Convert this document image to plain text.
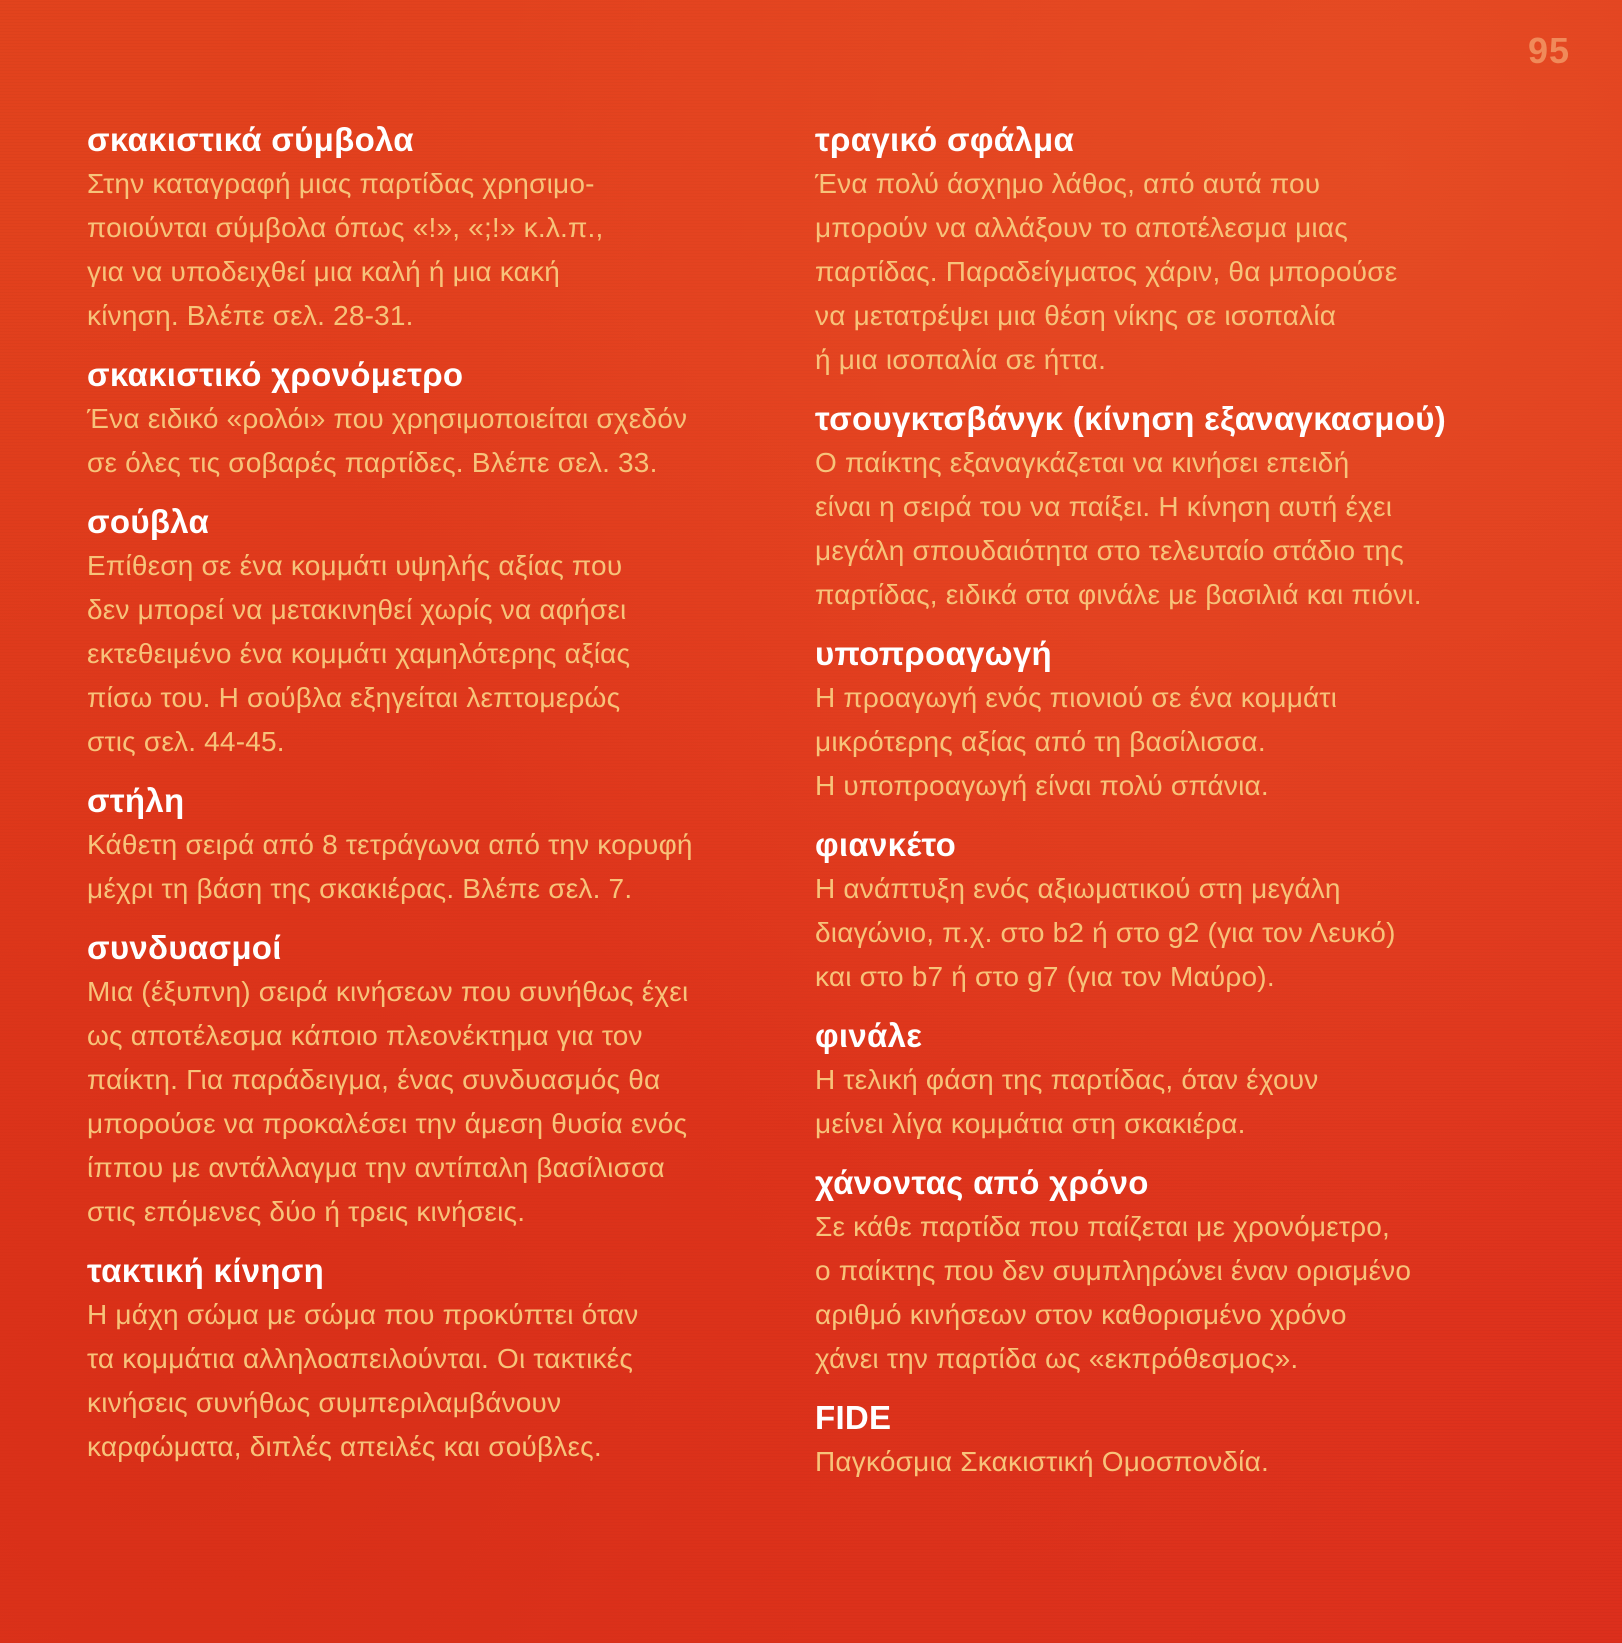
95
σκακιστικά σύμβολα
Στην καταγραφή μιας παρτίδας χρησιμο-
ποιούνται σύμβολα όπως «!», «;!» κ.λ.π.,
για να υποδειχθεί μια καλή ή μια κακή
κίνηση. Βλέπε σελ. 28-31.
σκακιστικό χρονόμετρο
Ένα ειδικό «ρολόι» που χρησιμοποιείται σχεδόν
σε όλες τις σοβαρές παρτίδες. Βλέπε σελ. 33.
σούβλα
Επίθεση σε ένα κομμάτι υψηλής αξίας που
δεν μπορεί να μετακινηθεί χωρίς να αφήσει
εκτεθειμένο ένα κομμάτι χαμηλότερης αξίας
πίσω του. Η σούβλα εξηγείται λεπτομερώς
στις σελ. 44-45.
στήλη
Κάθετη σειρά από 8 τετράγωνα από την κορυφή
μέχρι τη βάση της σκακιέρας. Βλέπε σελ. 7.
συνδυασμοί
Μια (έξυπνη) σειρά κινήσεων που συνήθως έχει
ως αποτέλεσμα κάποιο πλεονέκτημα για τον
παίκτη. Για παράδειγμα, ένας συνδυασμός θα
μπορούσε να προκαλέσει την άμεση θυσία ενός
ίππου με αντάλλαγμα την αντίπαλη βασίλισσα
στις επόμενες δύο ή τρεις κινήσεις.
τακτική κίνηση
Η μάχη σώμα με σώμα που προκύπτει όταν
τα κομμάτια αλληλοαπειλούνται. Οι τακτικές
κινήσεις συνήθως συμπεριλαμβάνουν
καρφώματα, διπλές απειλές και σούβλες.
τραγικό σφάλμα
Ένα πολύ άσχημο λάθος, από αυτά που
μπορούν να αλλάξουν το αποτέλεσμα μιας
παρτίδας. Παραδείγματος χάριν, θα μπορούσε
να μετατρέψει μια θέση νίκης σε ισοπαλία
ή μια ισοπαλία σε ήττα.
τσουγκτσβάνγκ (κίνηση εξαναγκασμού)
Ο παίκτης εξαναγκάζεται να κινήσει επειδή
είναι η σειρά του να παίξει. Η κίνηση αυτή έχει
μεγάλη σπουδαιότητα στο τελευταίο στάδιο της
παρτίδας, ειδικά στα φινάλε με βασιλιά και πιόνι.
υποπροαγωγή
Η προαγωγή ενός πιονιού σε ένα κομμάτι
μικρότερης αξίας από τη βασίλισσα.
Η υποπροαγωγή είναι πολύ σπάνια.
φιανκέτο
Η ανάπτυξη ενός αξιωματικού στη μεγάλη
διαγώνιο, π.χ. στο b2 ή στο g2 (για τον Λευκό)
και στο b7 ή στο g7 (για τον Μαύρο).
φινάλε
Η τελική φάση της παρτίδας, όταν έχουν
μείνει λίγα κομμάτια στη σκακιέρα.
χάνοντας από χρόνο
Σε κάθε παρτίδα που παίζεται με χρονόμετρο,
ο παίκτης που δεν συμπληρώνει έναν ορισμένο
αριθμό κινήσεων στον καθορισμένο χρόνο
χάνει την παρτίδα ως «εκπρόθεσμος».
FIDE
Παγκόσμια Σκακιστική Ομοσπονδία.
